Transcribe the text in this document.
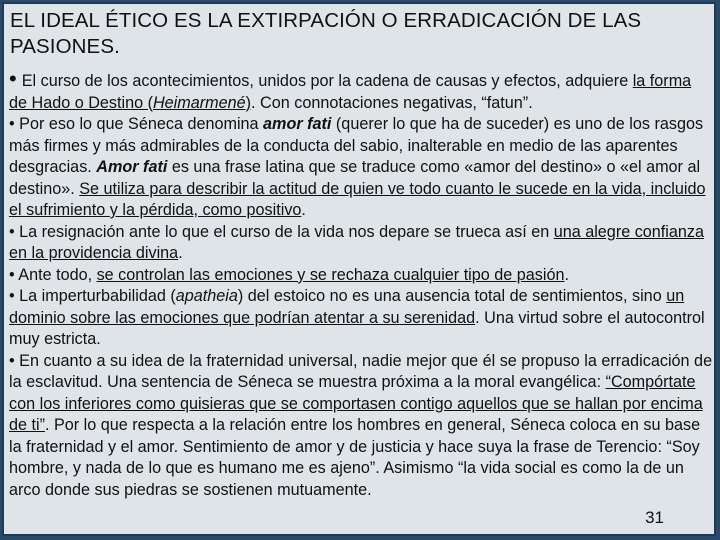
EL IDEAL ÉTICO ES LA EXTIRPACIÓN O ERRADICACIÓN DE LAS PASIONES.

• El curso de los acontecimientos, unidos por la cadena de causas y efectos, adquiere la forma de Hado o Destino (Heimarmené). Con connotaciones negativas, “fatun”.

• Por eso lo que Séneca denomina amor fati (querer lo que ha de suceder) es uno de los rasgos más firmes y más admirables de la conducta del sabio, inalterable en medio de las aparentes desgracias. Amor fati es una frase latina que se traduce como «amor del destino» o «el amor al destino». Se utiliza para describir la actitud de quien ve todo cuanto le sucede en la vida, incluido el sufrimiento y la pérdida, como positivo.

• La resignación ante lo que el curso de la vida nos depare se trueca así en una alegre confianza en la providencia divina.

• Ante todo, se controlan las emociones y se rechaza cualquier tipo de pasión.

• La imperturbabilidad (apatheia) del estoico no es una ausencia total de sentimientos, sino un dominio sobre las emociones que podrían atentar a su serenidad. Una virtud sobre el autocontrol muy estricta.

• En cuanto a su idea de la fraternidad universal, nadie mejor que él se propuso la erradicación de la esclavitud. Una sentencia de Séneca se muestra próxima a la moral evangélica: “Compórtate con los inferiores como quisieras que se comportasen contigo aquellos que se hallan por encima de ti”. Por lo que respecta a la relación entre los hombres en general, Séneca coloca en su base la fraternidad y el amor. Sentimiento de amor y de justicia y hace suya la frase de Terencio: “Soy hombre, y nada de lo que es humano me es ajeno”. Asimismo “la vida social es como la de un arco donde sus piedras se sostienen mutuamente.

31
